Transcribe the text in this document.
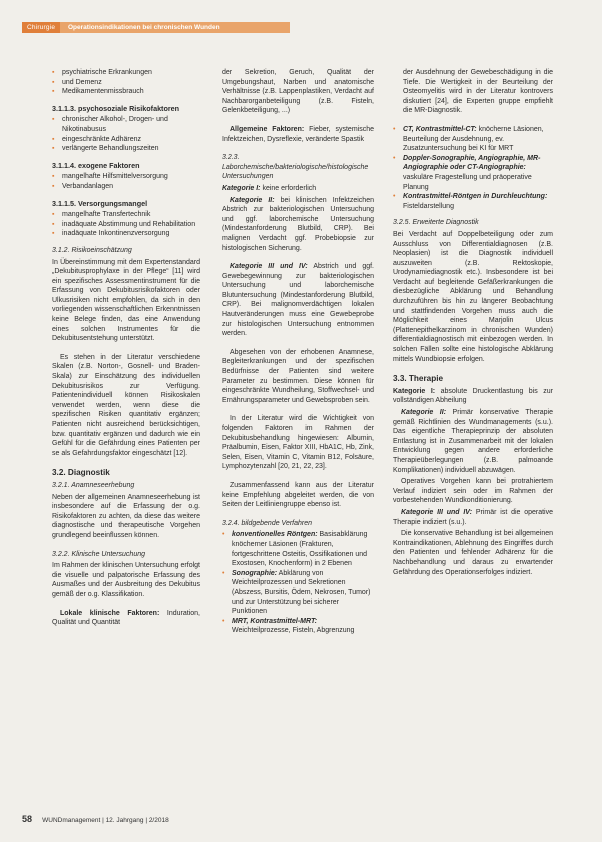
Chirurgie	Operationsindikationen bei chronischen Wunden
▪ psychiatrische Erkrankungen
▪ und Demenz
▪ Medikamentenmissbrauch
3.1.1.3. psychosoziale Risikofaktoren
▪ chronischer Alkohol-, Drogen- und Nikotinabusus
▪ eingeschränkte Adhärenz
▪ verlängerte Behandlungszeiten
3.1.1.4. exogene Faktoren
▪ mangelhafte Hilfsmittelversorgung
▪ Verbandanlagen
3.1.1.5. Versorgungsmangel
▪ mangelhafte Transfertechnik
▪ inadäquate Abstimmung und Rehabilitation
▪ inadäquate Inkontinenzversorgung
3.1.2. Risikoeinschätzung

In Übereinstimmung mit dem Expertenstandard „Dekubitusprophylaxe in der Pflege“ [11] wird ein spezifisches Assessmentinstrument für die Erfassung von Dekubitusrisikofaktoren oder Ulkusrisiken nicht empfohlen, da sich in den vorliegenden wissenschaftlichen Erkenntnissen keine Belege finden, das eine Anwendung eines solchen Instrumentes für die Dekubitusentstehung unterstützt.

Es stehen in der Literatur verschiedene Skalen (z.B. Norton-, Gosnell- und Braden-Skala) zur Einschätzung des individuellen Dekubitusrisikos zur Verfügung. Patientenindividuell können Risikoskalen verwendet werden, wenn diese die spezifischen Risiken quantitativ ergänzen; Patienten nicht ausreichend berücksichtigen, bzw. quantitativ ergänzen und dadurch wie ein Gefühl für die Gefährdung eines Patienten per se als Gefahrdungsfaktor eingeschätzt [12].

3.2. Diagnostik
3.2.1. Anamneseerhebung

Neben der allgemeinen Anamneseerhebung ist insbesondere auf die Erfassung der o.g. Risikofaktoren zu achten, da diese das weitere diagnostische und therapeutische Vorgehen grundlegend beeinflussen können.

3.2.2. Klinische Untersuchung

Im Rahmen der klinischen Untersuchung erfolgt die visuelle und palpatorische Erfassung des Ausmaßes und der Ausbreitung des Dekubitus gemäß der o.g. Klassifikation.

Lokale klinische Faktoren: Induration, Qualität und Quantität

der Sekretion, Geruch, Qualität der Umgebungshaut, Narben und anatomische Verhältnisse (z.B. Lappenplastiken, Verdacht auf Nachbarorganbeteiligung (z.B. Fisteln, Gelenkbeteiligung, ...)

Allgemeine Faktoren: Fieber, systemische Infektzeichen, Dysreflexie, veränderte Spastik

3.2.3. Laborchemische/bakteriologische/histologische Untersuchungen

Kategorie I: keine erforderlich

Kategorie II: bei klinischen Infektzeichen Abstrich zur bakteriologischen Untersuchung und ggf. laborchemische Untersuchung (Mindestanforderung Blutbild, CRP). Bei malignen Verdacht ggf. Probebiopsie zur histologischen Sicherung.

Kategorie III und IV: Abstrich und ggf. Gewebegewinnung zur bakteriologischen Untersuchung und laborchemische Blutuntersuchung (Mindestanforderung Blutbild, CRP). Bei malignomverdächtigen lokalen Hautveränderungen muss eine Gewebeprobe zur histologischen Untersuchung entnommen werden.

Abgesehen von der erhobenen Anamnese, Begleiterkrankungen und der spezifischen Bedürfnisse der Patienten sind weitere Parameter zu bestimmen. Diese können für eingeschränkte Wundheilung, Stoffwechsel- und Ernährungsparameter und Gewebsproben sein.

In der Literatur wird die Wichtigkeit von folgenden Faktoren im Rahmen der Dekubitusbehandlung hingewiesen: Albumin, Präalbumin, Eisen, Faktor XIII, HbA1C, Hb, Zink, Selen, Eisen, Vitamin C, Vitamin B12, Folsäure, Lymphozytenzahl [20, 21, 22, 23].

Zusammenfassend kann aus der Literatur keine Empfehlung abgeleitet werden, die von Seiten der Leitliniengruppe ebenso ist.

3.2.4. bildgebende Verfahren
• konventionelles Röntgen: Basisabklärung knöcherner Läsionen (Frakturen, fortgeschrittene Osteitis, Ossifikationen und Exostosen, Knochenform) in 2 Ebenen
• Sonographie: Abklärung von Weichteilprozessen und Sekretionen (Abszess, Bursitis, Ödem, Nekrosen, Tumor) und zur Unterstützung bei sicherer Punktionen
• MRT, Kontrastmittel-MRT: Weichteilprozesse, Fisteln, Abgrenzung

der Ausdehnung der Gewebeschädigung in die Tiefe. Die Wertigkeit in der Beurteilung der Osteomyelitis wird in der Literatur kontrovers diskutiert [24], die Experten gruppe empfiehlt die MR-Diagnostik.

• CT, Kontrastmittel-CT: knöcherne Läsionen, Beurteilung der Ausdehnung, ev. Zusatzuntersuchung bei KI für MRT
• Doppler-Sonographie, Angiographie, MR-Angiographie oder CT-Angiographie: vaskuläre Fragestellung und präoperative Planung
• Kontrastmittel-Röntgen in Durchleuchtung: Fisteldarstellung
3.2.5. Erweiterte Diagnostik

Bei Verdacht auf Doppelbeteiligung oder zum Ausschluss von Differentialdiagnosen (z.B. Neoplasien) ist die Diagnostik individuell auszuweiten (z.B. Rektoskopie, Urodynamiediagnostik etc.). Insbesondere ist bei Verdacht auf begleitende Gefäßerkrankungen die diesbezügliche Abklärung und Behandlung durchzuführen bis hin zu längerer Beobachtung und stattfindenden Vorgehen muss auch die Möglichkeit eines Marjolin Ulcus (Plattenepithelkarzinom in chronischen Wunden) differentialdiagnostisch mit einbezogen werden. In solchen Fällen sollte eine histologische Abklärung mittels Wundbiopsie erfolgen.

3.3. Therapie

Kategorie I: absolute Druckentlastung bis zur vollständigen Abheilung

Kategorie II: Primär konservative Therapie gemäß Richtlinien des Wundmanagements (s.u.). Das eigentliche Therapieprinzip der absoluten Entlastung ist in Zusammenarbeit mit der lokalen Entwicklung gegen andere erforderliche Therapieüberlegungen (z.B. palmoande Komplikationen) individuell abzuwägen.

Operatives Vorgehen kann bei protrahiertem Verlauf indiziert sein oder im Rahmen der vorbestehenden Wundkonditionierung.

Kategorie III und IV: Primär ist die operative Therapie indiziert (s.u.).

Die konservative Behandlung ist bei allgemeinen Kontraindikationen, Ablehnung des Eingriffes durch den Patienten und fehlender Adhärenz für die Nachbehandlung und daraus zu erwartender Gefährdung des Operationserfolges indiziert.

58 WUNDmanagement | 12. Jahrgang | 2/2018
